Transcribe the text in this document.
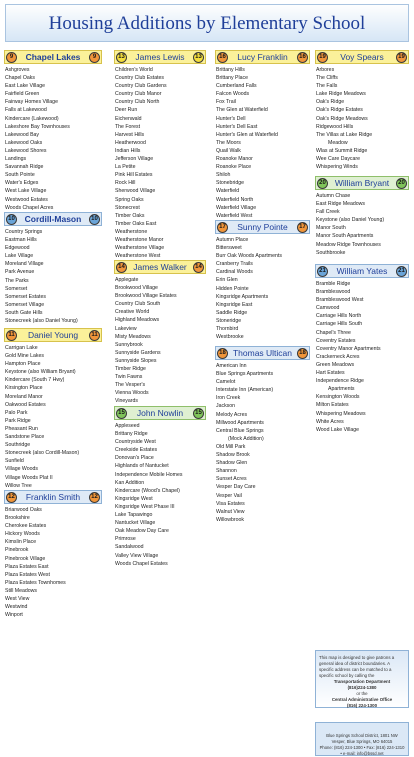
Housing Additions by Elementary School
9	Chapel Lakes	9
Ashgroves
Chapel Oaks
East Lake Village
Fairfield Green
Fairway Homes Village
Falls at Lakewood
Kindercare (Lakewood)
Lakeshore Bay Townhouses
Lakewood Bay
Lakewood Oaks
Lakewood Shores
Landings
Savannah Ridge
South Pointe
Water's Edges
West Lake Village
Westwood Estates
Woods Chapel Acres
10	Cordill-Mason	10
Country Springs
Eastman Hills
Edgewood
Lake Village
Moreland Village
Park Avenue
The Parks
Somerset
Somerset Estates
Somerset Village
South Gate Hills
Stonecreek (also Daniel Young)
11	Daniel Young	11
Carrigan Lake
Gold Mine Lakes
Hampton Place
Keystone (also William Bryant)
Kindercare (South 7 Hwy)
Kirsington Place
Moreland Manor
Oakwood Estates
Palo Park
Park Ridge
Pheasant Run
Sandstone Place
Southridge
Stonecreek (also Cordill-Mason)
Sunfield
Village Woods
Village Woods Plat II
Willow Tree
12	Franklin Smith	12
Briarwood Oaks
Brookshire
Cherokee Estates
Hickory Woods
Kimslin Place
Pinebrook
Pinebrook Village
Plaza Estates East
Plaza Estates West
Plaza Estates Townhomes
Still Meadows
West View
Westwind
Winport
13	James Lewis	13
Children's World
Country Club Estates
Country Club Gardens
Country Club Manor
Country Club North
Deer Run
Eichenwald
The Forest
Harvest Hills
Heatherwood
Indian Hills
Jefferson Village
La Petite
Pink Hill Estates
Rock Hill
Sherwood Village
Spring Oaks
Stonecrest
Timber Oaks
Timber Oaks East
Weatherstone
Weatherstone Manor
Weatherstone Village
Weatherstone West
14 James Walker	14
Applegate
Brookwood Village
Brookwood Village Estates
Country Club South
Creative World
Highland Meadows
Lakeview
Misty Meadows
Sunnybrook
Sunnyside Gardens
Sunnyside Slopes
Timber Ridge
Twin Fawns
The Vesper's
Vienna Woods
Vineyards
15	John Nowlin	15
Appleseed
Brittany Ridge
Countryside West
Creekside Estates
Donovan's Place
Highlands of Nantucket
Independence Mobile Homes
Kan Addition
Kindercare (Wood's Chapel)
Kingsridge West
Kingsridge West Phase III
Lake Tapawingo
Nantucket Village
Oak Meadow Day Care
Primrose
Sandalwood
Valley View Village
Woods Chapel Estates
16	Lucy Franklin	16
Brittany Hills
Brittany Place
Cumberland Falls
Falcon Woods
Fox Trail
The Glen at Waterfield
Hunter's Dell
Hunter's Dell East
Hunter's Glen at Waterfield
The Moors
Quail Walk
Roanoke Manor
Roanoke Place
Shiloh
Stonebridge
Waterfield
Waterfield North
Waterfield Village
Waterfield West
17	Sunny Pointe	17
Autumn Place
Bittersweet
Burr Oak Woods Apartments
Cranberry Trails
Cardinal Woods
Erin Glen
Hidden Pointe
Kingsridge Apartments
Kingsridge East
Saddle Ridge
Stoneridge
Thornbird
Westbrooke
18 Thomas Ultican	18
American Inn
Blue Springs Apartments
Camelot
Interstate Inn (American)
Iron Creek
Jackson
Melody Acres
Millwood Apartments
Central Blue Springs
(Mock Addition)
Old Mill Park
Shadow Brook
Shadow Glen
Shannon
Sunset Acres
Vesper Day Care
Vesper Vail
Visa Estates
Walnut View
Willowbrook
19	Voy Spears	19
Arbores
The Cliffs
The Falls
Lake Ridge Meadows
Oak's Ridge
Oak's Ridge Estates
Oak's Ridge Meadows
Ridgewood Hills
The Villas at Lake Ridge
Meadow
Wlas at Summit Ridge
Wee Care Daycare
Whispering Winds
20	William Bryant	20
Autumn Chase
East Ridge Meadows
Fall Creek
Keystone (also Daniel Young)
Manor South
Manor South Apartments
Meadow Ridge Townhouses
Southbrooke
21	William Yates	21
Bramble Ridge
Brambleswood
Brambleswood West
Camwood
Carriage Hills North
Carriage Hills South
Chapel's Three
Coventry Estates
Coventry Manor Apartments
Crackerneck Acres
Green Meadows
Hart Estates
Independence Ridge
Apartments
Kensington Woods
Milton Estates
Whispering Meadows
White Acres
Wood Lake Village
This map is designed to give patrons a general idea of district boundaries. A specific address can be matched to a specific school by calling the
Transportation Department
(816)224-1380
or the
Central Administrative Office
(816) 224-1300
Blue Springs School District, 1801 NW Vesper, Blue Springs, MO 64015
Phone: (816) 224-1300 • Fax: (816) 224-1310 • e-mail: info@bssd.net
